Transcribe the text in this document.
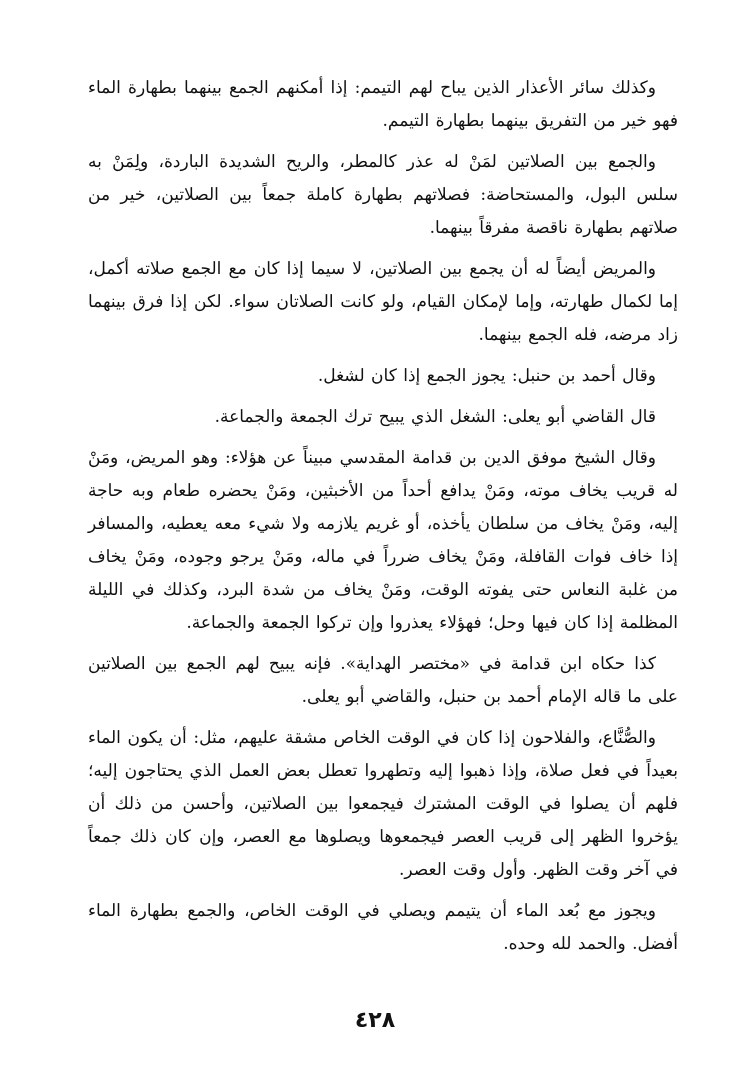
وكذلك سائر الأعذار الذين يباح لهم التيمم: إذا أمكنهم الجمع بينهما بطهارة الماء فهو خير من التفريق بينهما بطهارة التيمم.

والجمع بين الصلاتين لمَنْ له عذر كالمطر، والريح الشديدة الباردة، ولِمَنْ به سلس البول، والمستحاضة: فصلاتهم بطهارة كاملة جمعاً بين الصلاتين، خير من صلاتهم بطهارة ناقصة مفرقاً بينهما.

والمريض أيضاً له أن يجمع بين الصلاتين، لا سيما إذا كان مع الجمع صلاته أكمل، إما لكمال طهارته، وإما لإمكان القيام، ولو كانت الصلاتان سواء. لكن إذا فرق بينهما زاد مرضه، فله الجمع بينهما.

وقال أحمد بن حنبل: يجوز الجمع إذا كان لشغل.

قال القاضي أبو يعلى: الشغل الذي يبيح ترك الجمعة والجماعة.

وقال الشيخ موفق الدين بن قدامة المقدسي مبيناً عن هؤلاء: وهو المريض، ومَنْ له قريب يخاف موته، ومَنْ يدافع أحداً من الأخبثين، ومَنْ يحضره طعام وبه حاجة إليه، ومَنْ يخاف من سلطان يأخذه، أو غريم يلازمه ولا شيء معه يعطيه، والمسافر إذا خاف فوات القافلة، ومَنْ يخاف ضرراً في ماله، ومَنْ يرجو وجوده، ومَنْ يخاف من غلبة النعاس حتى يفوته الوقت، ومَنْ يخاف من شدة البرد، وكذلك في الليلة المظلمة إذا كان فيها وحل؛ فهؤلاء يعذروا وإن تركوا الجمعة والجماعة.

كذا حكاه ابن قدامة في «مختصر الهداية». فإنه يبيح لهم الجمع بين الصلاتين على ما قاله الإمام أحمد بن حنبل، والقاضي أبو يعلى.

والصُّنَّاع، والفلاحون إذا كان في الوقت الخاص مشقة عليهم، مثل: أن يكون الماء بعيداً في فعل صلاة، وإذا ذهبوا إليه وتطهروا تعطل بعض العمل الذي يحتاجون إليه؛ فلهم أن يصلوا في الوقت المشترك فيجمعوا بين الصلاتين، وأحسن من ذلك أن يؤخروا الظهر إلى قريب العصر فيجمعوها ويصلوها مع العصر، وإن كان ذلك جمعاً في آخر وقت الظهر. وأول وقت العصر.

ويجوز مع بُعد الماء أن يتيمم ويصلي في الوقت الخاص، والجمع بطهارة الماء أفضل. والحمد لله وحده.

٤٢٨
